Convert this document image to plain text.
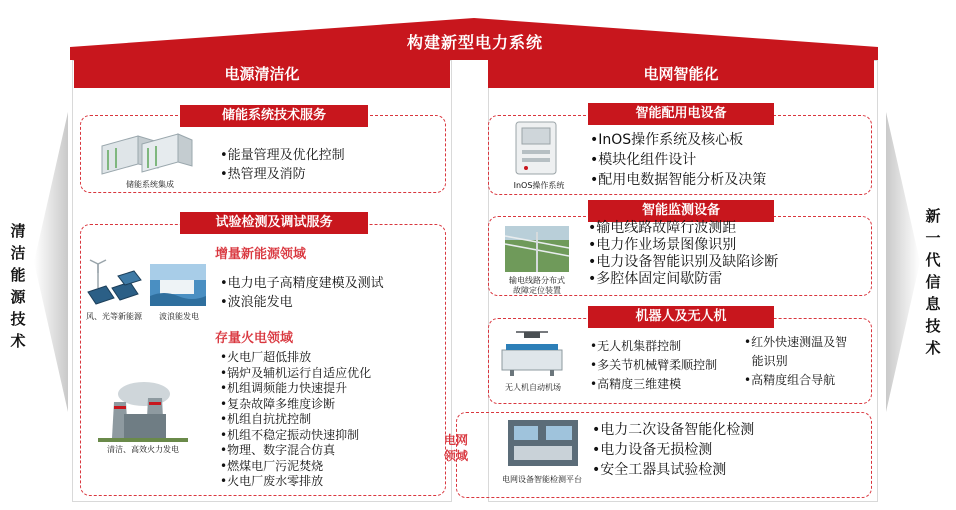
构建新型电力系统
清
洁
能
源
技
术
新
一
代
信
息
技
术
电源清洁化
储能系统技术服务
储能系统集成
•能量管理及优化控制
•热管理及消防
试验检测及调试服务
增量新能源领域
风、光等新能源	波浪能发电
•电力电子高精度建模及测试
•波浪能发电
存量火电领域
清洁、高效火力发电
•火电厂超低排放
•锅炉及辅机运行自适应优化
•机组调频能力快速提升
•复杂故障多维度诊断
•机组自抗扰控制
•机组不稳定振动快速抑制
•物理、数字混合仿真
•燃煤电厂污泥焚烧
•火电厂废水零排放
电网智能化
智能配用电设备
InOS操作系统
•InOS操作系统及核心板
•模块化组件设计
•配用电数据智能分析及决策
智能监测设备
输电线路分布式
故障定位装置
•输电线路故障行波测距
•电力作业场景图像识别
•电力设备智能识别及缺陷诊断
•多腔体固定间歇防雷
机器人及无人机
无人机自动机场
•无人机集群控制
•多关节机械臂柔顺控制
•高精度三维建模
•红外快速测温及智
能识别
•高精度组合导航
电网
领域
电网设备智能检测平台
•电力二次设备智能化检测
•电力设备无损检测
•安全工器具试验检测
